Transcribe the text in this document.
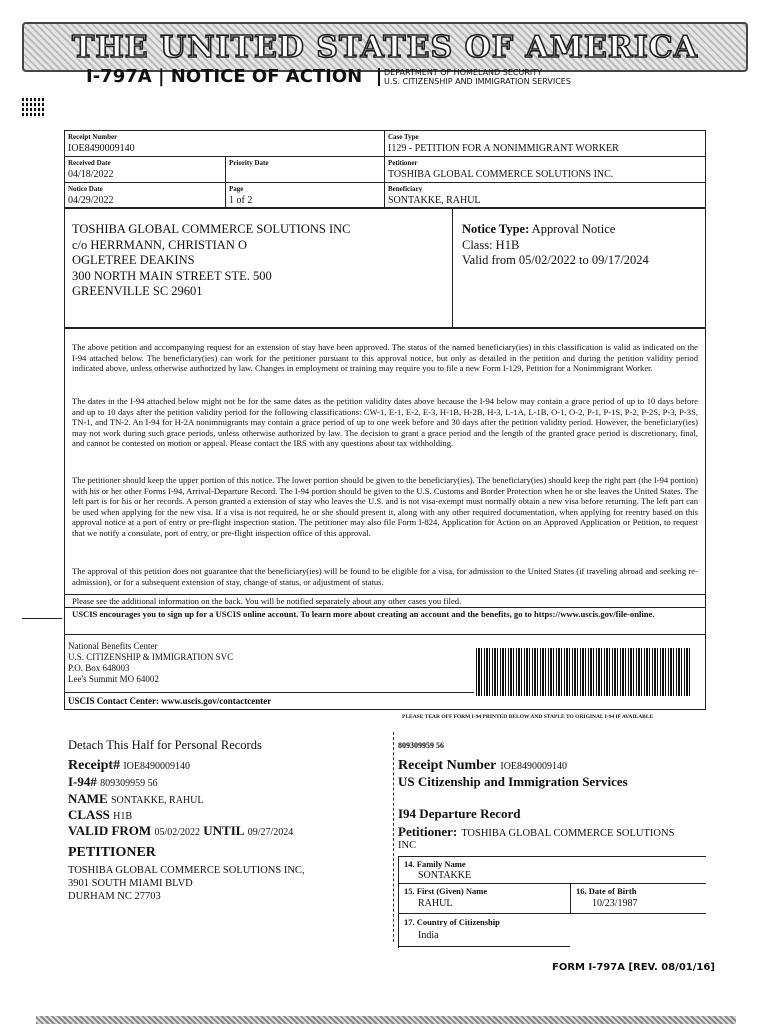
THE UNITED STATES OF AMERICA
I-797A | NOTICE OF ACTION	DEPARTMENT OF HOMELAND SECURITY
U.S. CITIZENSHIP AND IMMIGRATION SERVICES
Receipt Number
IOE8490009140
Case Type
I129 - PETITION FOR A NONIMMIGRANT WORKER
Received Date
04/18/2022
Priority Date	Petitioner
TOSHIBA GLOBAL COMMERCE SOLUTIONS INC.
Notice Date
04/29/2022
Page
1 of 2
Beneficiary
SONTAKKE, RAHUL
TOSHIBA GLOBAL COMMERCE SOLUTIONS INC
c/o HERRMANN, CHRISTIAN O
OGLETREE DEAKINS
300 NORTH MAIN STREET STE. 500
GREENVILLE SC 29601
Notice Type: Approval Notice
Class: H1B
Valid from 05/02/2022 to 09/17/2024
The above petition and accompanying request for an extension of stay have been approved. The status of the named beneficiary(ies) in this classification is valid as indicated on the I-94 attached below. The beneficiary(ies) can work for the petitioner pursuant to this approval notice, but only as detailed in the petition and during the petition validity period indicated above, unless otherwise authorized by law. Changes in employment or training may require you to file a new Form I-129, Petition for a Nonimmigrant Worker.
The dates in the I-94 attached below might not be for the same dates as the petition validity dates above because the I-94 below may contain a grace period of up to 10 days before and up to 10 days after the petition validity period for the following classifications: CW-1, E-1, E-2, E-3, H-1B, H-2B, H-3, L-1A, L-1B, O-1, O-2, P-1, P-1S, P-2, P-2S, P-3, P-3S, TN-1, and TN-2. An I-94 for H-2A nonimmigrants may contain a grace period of up to one week before and 30 days after the petition validity period. However, the beneficiary(ies) may not work during such grace periods, unless otherwise authorized by law. The decision to grant a grace period and the length of the granted grace period is discretionary, final, and cannot be contested on motion or appeal. Please contact the IRS with any questions about tax withholding.
The petitioner should keep the upper portion of this notice. The lower portion should be given to the beneficiary(ies). The beneficiary(ies) should keep the right part (the I-94 portion) with his or her other Forms I-94, Arrival-Departure Record. The I-94 portion should be given to the U.S. Customs and Border Protection when he or she leaves the United States. The left part is for his or her records. A person granted a extension of stay who leaves the U.S. and is not visa-exempt must normally obtain a new visa before returning. The left part can be used when applying for the new visa. If a visa is not required, he or she should present it, along with any other required documentation, when applying for reentry based on this approval notice at a port of entry or pre-flight inspection station. The petitioner may also file Form I-824, Application for Action on an Approved Application or Petition, to request that we notify a consulate, port of entry, or pre-flight inspection office of this approval.
The approval of this petition does not guarantee that the beneficiary(ies) will be found to be eligible for a visa, for admission to the United States (if traveling abroad and seeking re-admission), or for a subsequent extension of stay, change of status, or adjustment of status.
Please see the additional information on the back. You will be notified separately about any other cases you filed.
USCIS encourages you to sign up for a USCIS online account. To learn more about creating an account and the benefits, go to https://www.uscis.gov/file-online.
National Benefits Center
U.S. CITIZENSHIP & IMMIGRATION SVC
P.O. Box 648003
Lee's Summit MO 64002
USCIS Contact Center: www.uscis.gov/contactcenter
PLEASE TEAR OFF FORM I-94 PRINTED BELOW AND STAPLE TO ORIGINAL I-94 IF AVAILABLE
Detach This Half for Personal Records
Receipt# IOE8490009140
I-94# 809309959 56
NAME SONTAKKE, RAHUL
CLASS H1B
VALID FROM 05/02/2022 UNTIL 09/27/2024
PETITIONER
TOSHIBA GLOBAL COMMERCE SOLUTIONS INC,
3901 SOUTH MIAMI BLVD
DURHAM NC 27703
809309959 56
Receipt Number IOE8490009140
US Citizenship and Immigration Services
I94 Departure Record
Petitioner: TOSHIBA GLOBAL COMMERCE SOLUTIONS
INC
14. Family Name
SONTAKKE
15. First (Given) Name
RAHUL
16. Date of Birth
10/23/1987
17. Country of Citizenship
India
FORM I-797A [REV. 08/01/16]
